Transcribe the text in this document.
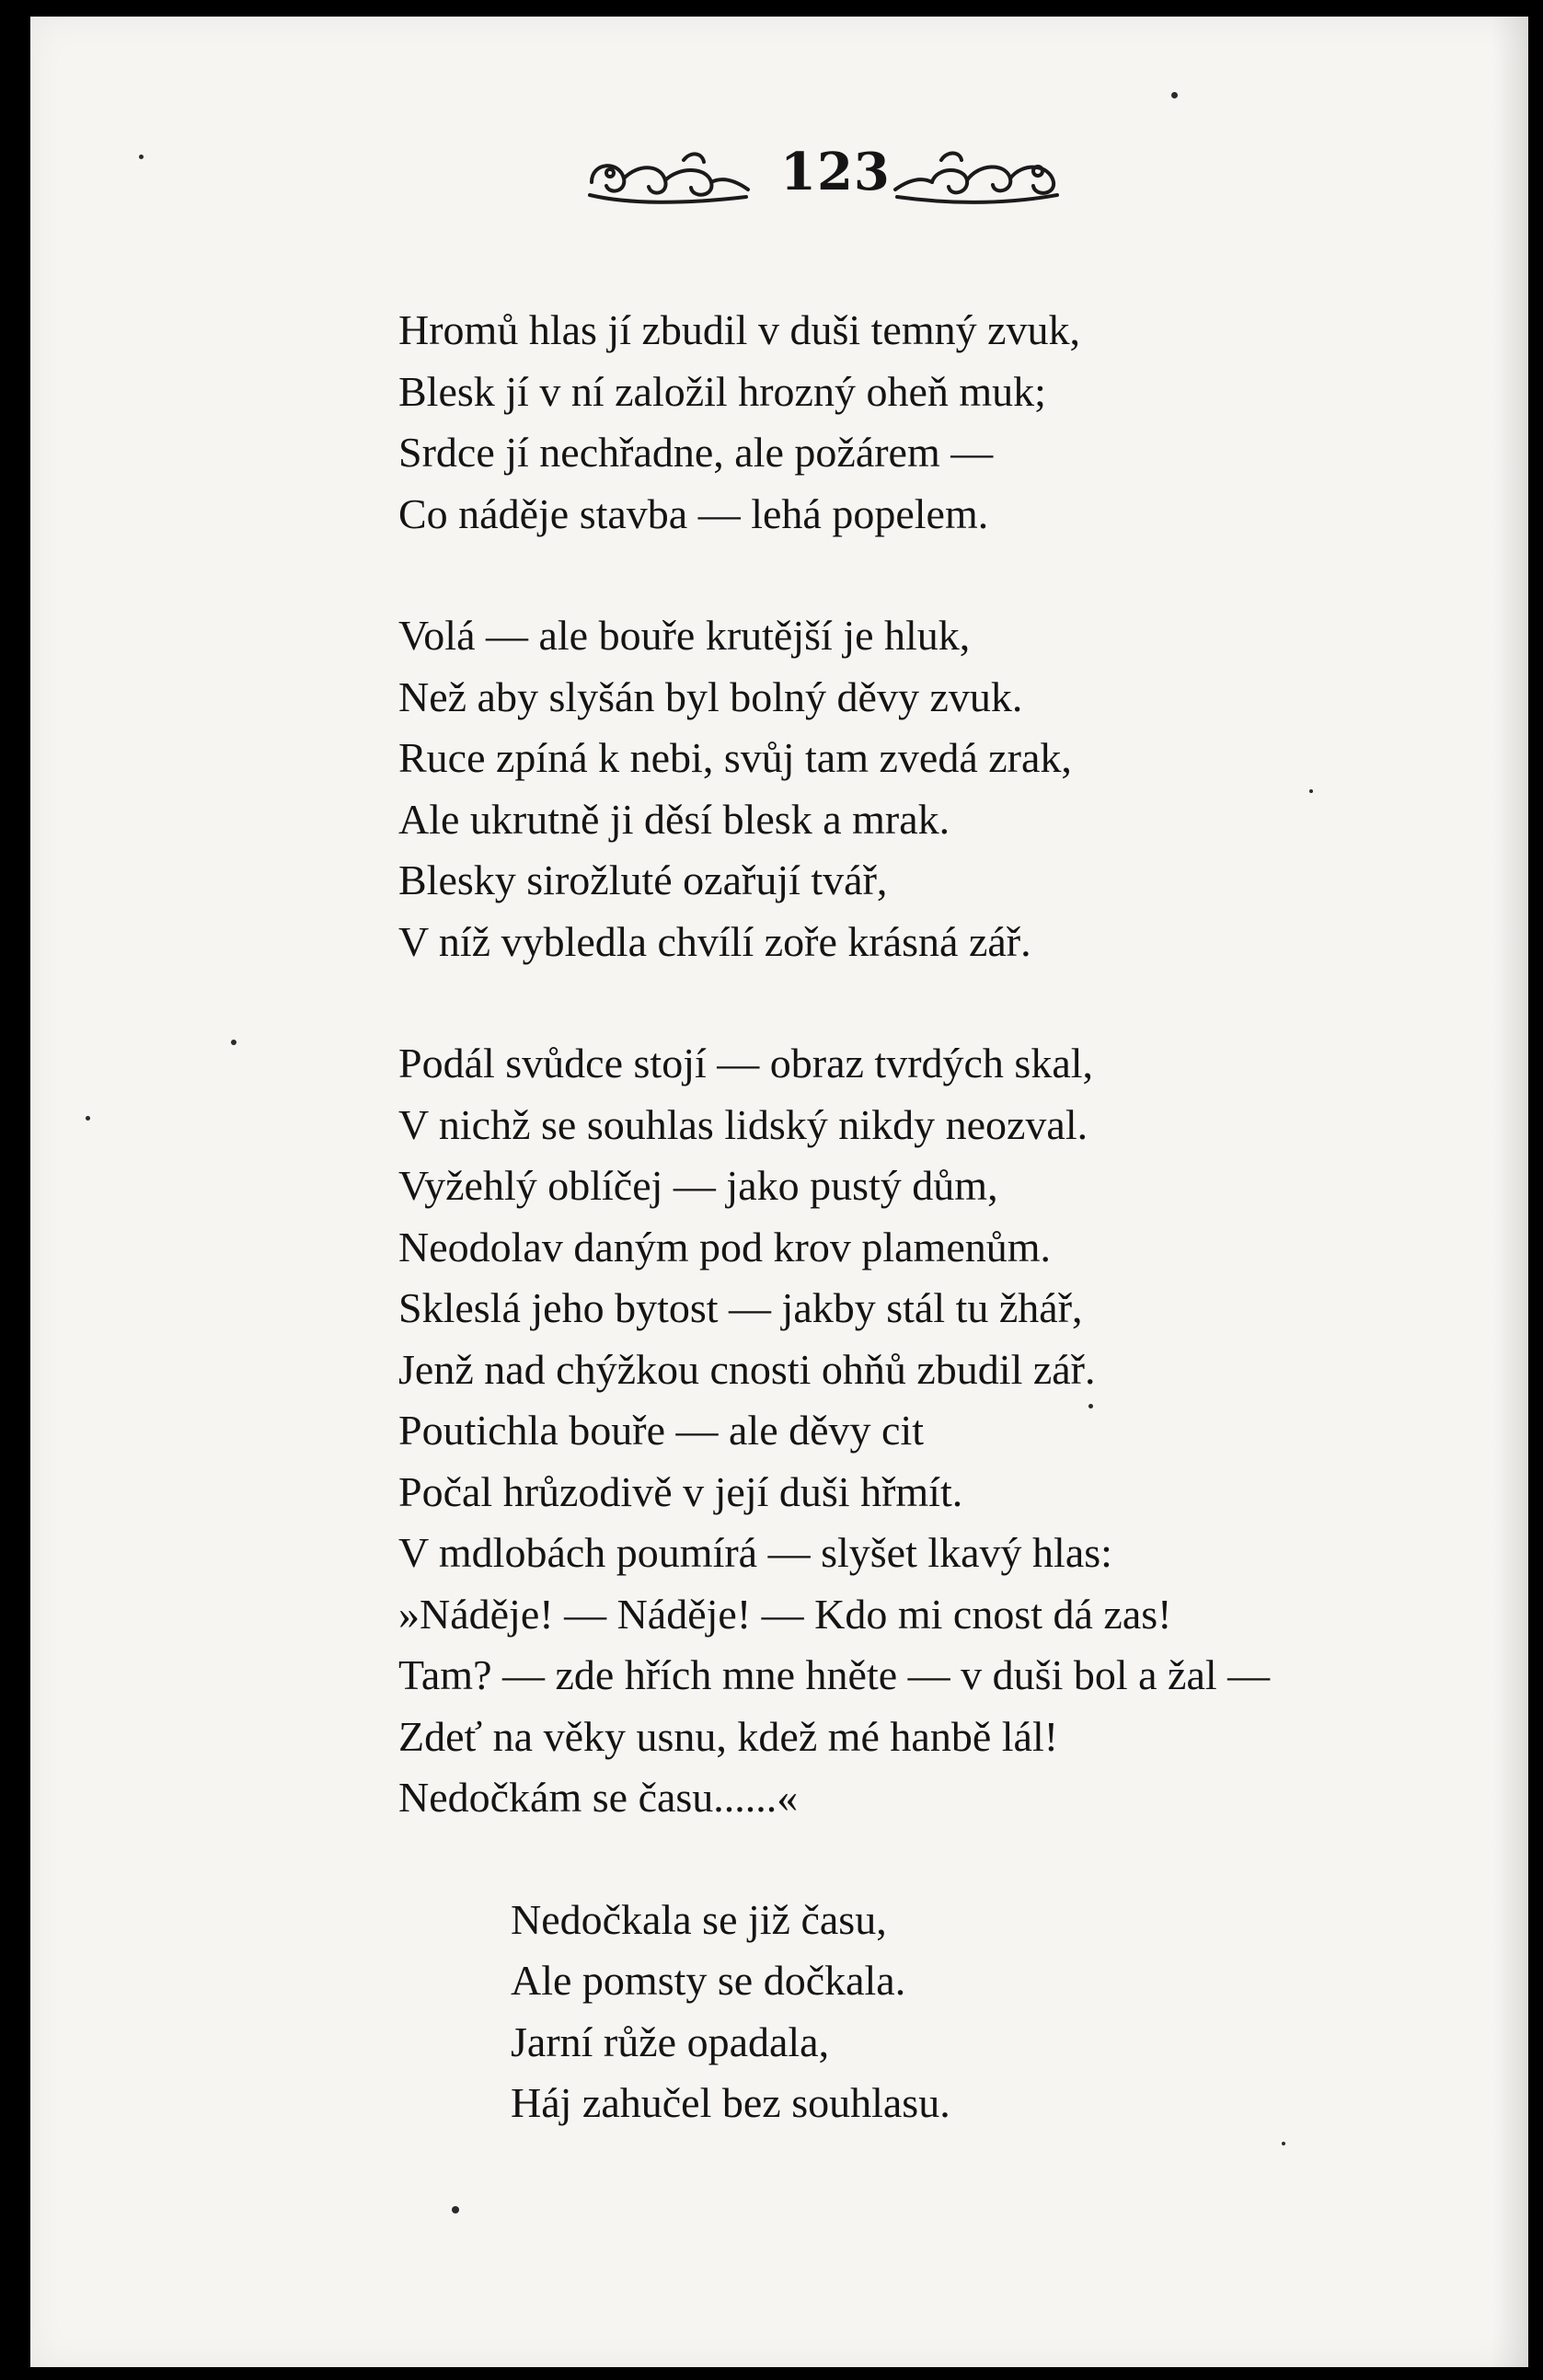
123
Hromů hlas jí zbudil v duši temný zvuk,
Blesk jí v ní založil hrozný oheň muk;
Srdce jí nechřadne, ale požárem —
Co náděje stavba — lehá popelem.
Volá — ale bouře krutější je hluk,
Než aby slyšán byl bolný děvy zvuk.
Ruce zpíná k nebi, svůj tam zvedá zrak,
Ale ukrutně ji děsí blesk a mrak.
Blesky sirožluté ozařují tvář,
V níž vybledla chvílí zoře krásná zář.
Podál svůdce stojí — obraz tvrdých skal,
V nichž se souhlas lidský nikdy neozval.
Vyžehlý oblíčej — jako pustý dům,
Neodolav daným pod krov plamenům.
Skleslá jeho bytost — jakby stál tu žhář,
Jenž nad chýžkou cnosti ohňů zbudil zář.
Poutichla bouře — ale děvy cit
Počal hrůzodivě v její duši hřmít.
V mdlobách poumírá — slyšet lkavý hlas:
»Náděje! — Náděje! — Kdo mi cnost dá zas!
Tam? — zde hřích mne hněte — v duši bol a žal —
Zdeť na věky usnu, kdež mé hanbě lál!
Nedočkám se času......«
Nedočkala se již času,
Ale pomsty se dočkala.
Jarní růže opadala,
Háj zahučel bez souhlasu.
